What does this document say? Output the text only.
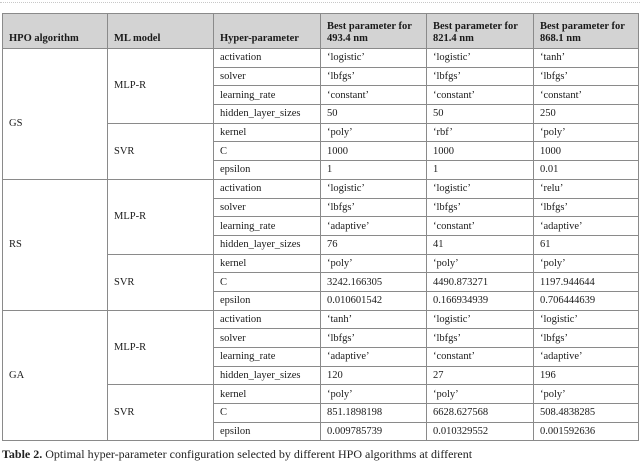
HPO algorithm	ML model	Hyper-parameter	Best parameter for 493.4 nm	Best parameter for 821.4 nm	Best parameter for 868.1 nm
GS	MLP-R	activation	‘logistic’	‘logistic’	‘tanh’
		solver	‘lbfgs’	‘lbfgs’	‘lbfgs’
		learning_rate	‘constant’	‘constant’	‘constant’
		hidden_layer_sizes	50	50	250
	SVR	kernel	‘poly’	‘rbf’	‘poly’
		C	1000	1000	1000
		epsilon	1	1	0.01
RS	MLP-R	activation	‘logistic’	‘logistic’	‘relu’
		solver	‘lbfgs’	‘lbfgs’	‘lbfgs’
		learning_rate	‘adaptive’	‘constant’	‘adaptive’
		hidden_layer_sizes	76	41	61
	SVR	kernel	‘poly’	‘poly’	‘poly’
		C	3242.166305	4490.873271	1197.944644
		epsilon	0.010601542	0.166934939	0.706444639
GA	MLP-R	activation	‘tanh’	‘logistic’	‘logistic’
		solver	‘lbfgs’	‘lbfgs’	‘lbfgs’
		learning_rate	‘adaptive’	‘constant’	‘adaptive’
		hidden_layer_sizes	120	27	196
	SVR	kernel	‘poly’	‘poly’	‘poly’
		C	851.1898198	6628.627568	508.4838285
		epsilon	0.009785739	0.010329552	0.001592636
Table 2. Optimal hyper-parameter configuration selected by different HPO algorithms at different
